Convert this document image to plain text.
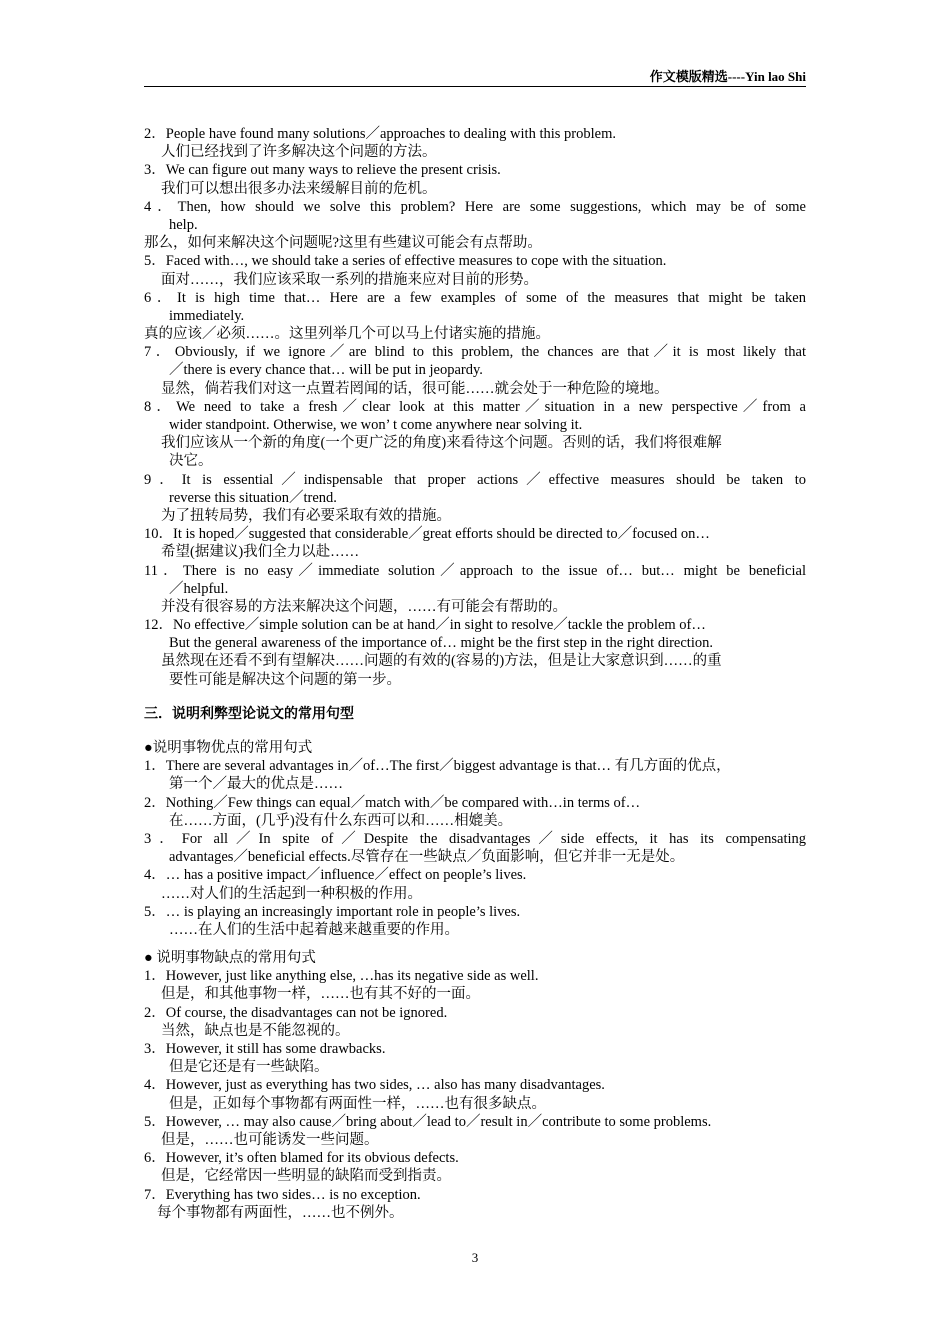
作文模版精选----Yin lao Shi
2．People have found many solutions／approaches to dealing with this problem.
人们已经找到了许多解决这个问题的方法。
3．We can figure out many ways to relieve the present crisis.
我们可以想出很多办法来缓解目前的危机。
4．Then, how should we solve this problem? Here are some suggestions, which may be of some
help.
那么，如何来解决这个问题呢?这里有些建议可能会有点帮助。
5．Faced with…, we should take a series of effective measures to cope with the situation.
面对……，我们应该采取一系列的措施来应对目前的形势。
6．It is high time that… Here are a few examples of some of the measures that might be taken
immediately.
真的应该／必须……。这里列举几个可以马上付诸实施的措施。
7．Obviously, if we ignore／are blind to this problem, the chances are that／it is most likely that
／there is every chance that… will be put in jeopardy.
显然，倘若我们对这一点置若罔闻的话，很可能……就会处于一种危险的境地。
8．We need to take a fresh／clear look at this matter／situation in a new perspective／from a
wider standpoint. Otherwise, we won’ t come anywhere near solving it.
我们应该从一个新的角度(一个更广泛的角度)来看待这个问题。否则的话，我们将很难解
决它。
9．It is essential／indispensable that proper actions／effective measures should be taken to
reverse this situation／trend.
为了扭转局势，我们有必要采取有效的措施。
10．It is hoped／suggested that considerable／great efforts should be directed to／focused on…
希望(据建议)我们全力以赴……
11．There is no easy／immediate solution／approach to the issue of… but… might be beneficial
／helpful.
并没有很容易的方法来解决这个问题，……有可能会有帮助的。
12．No effective／simple solution can be at hand／in sight to resolve／tackle the problem of…
But the general awareness of the importance of… might be the first step in the right direction.
虽然现在还看不到有望解决……问题的有效的(容易的)方法，但是让大家意识到……的重
要性可能是解决这个问题的第一步。
三．说明利弊型论说文的常用句型
●说明事物优点的常用句式
1．There are several advantages in／of…The first／biggest advantage is that… 有几方面的优点，
第一个／最大的优点是……
2．Nothing／Few things can equal／match with／be compared with…in terms of…
在……方面，(几乎)没有什么东西可以和……相媲美。
3．For all／In spite of／Despite the disadvantages／side effects, it has its compensating
advantages／beneficial effects.尽管存在一些缺点／负面影响，但它并非一无是处。
4．… has a positive impact／influence／effect on people’s lives.
……对人们的生活起到一种积极的作用。
5．… is playing an increasingly important role in people’s lives.
……在人们的生活中起着越来越重要的作用。
● 说明事物缺点的常用句式
1．However, just like anything else, …has its negative side as well.
但是，和其他事物一样，……也有其不好的一面。
2．Of course, the disadvantages can not be ignored.
当然，缺点也是不能忽视的。
3．However, it still has some drawbacks.
但是它还是有一些缺陷。
4．However, just as everything has two sides, … also has many disadvantages.
但是，正如每个事物都有两面性一样，……也有很多缺点。
5．However, … may also cause／bring about／lead to／result in／contribute to some problems.
但是，……也可能诱发一些问题。
6．However, it’s often blamed for its obvious defects.
但是，它经常因一些明显的缺陷而受到指责。
7．Everything has two sides… is no exception.
每个事物都有两面性，……也不例外。
3
